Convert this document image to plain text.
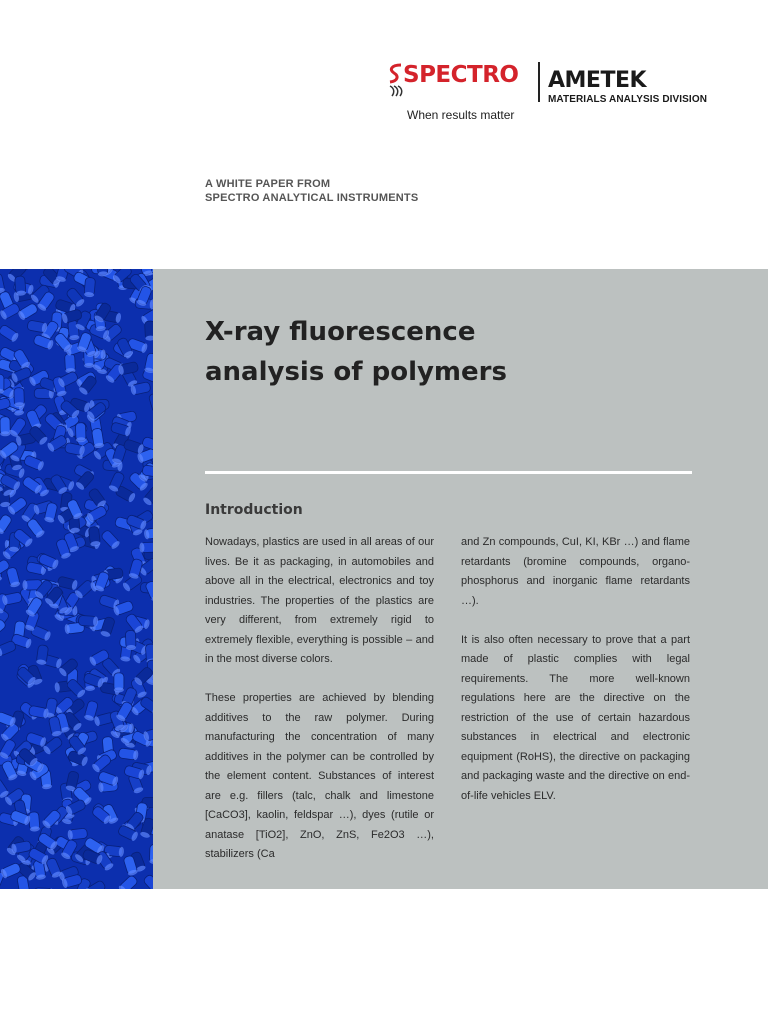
SPECTRO AMETEK
MATERIALS ANALYSIS DIVISION
When results matter
A WHITE PAPER FROM
SPECTRO ANALYTICAL INSTRUMENTS
X-ray fluorescence
analysis of polymers
Introduction

Nowadays, plastics are used in all areas of our lives. Be it as packaging, in automobiles and above all in the electrical, electronics and toy industries. The properties of the plastics are very different, from extremely rigid to extremely flexible, everything is possible – and in the most diverse colors.

These properties are achieved by blending additives to the raw polymer. During manufacturing the concentration of many additives in the polymer can be controlled by the element content. Substances of interest are e.g. fillers (talc, chalk and limestone [CaCO3], kaolin, feldspar …), dyes (rutile or anatase [TiO2], ZnO, ZnS, Fe2O3 …), stabilizers (Ca

and Zn compounds, CuI, KI, KBr …) and flame retardants (bromine compounds, organo-phosphorus and inorganic flame retardants …).

It is also often necessary to prove that a part made of plastic complies with legal requirements. The more well-known regulations here are the directive on the restriction of the use of certain hazardous substances in electrical and electronic equipment (RoHS), the directive on packaging and packaging waste and the directive on end-of-life vehicles ELV.
